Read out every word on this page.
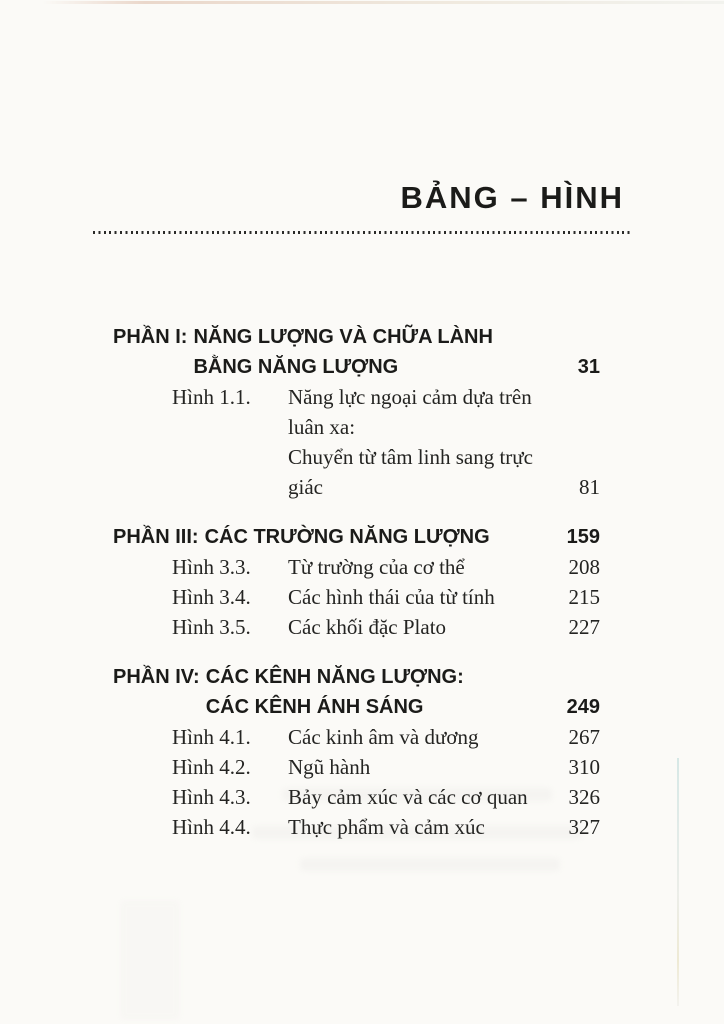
BẢNG – HÌNH
PHẦN I: NĂNG LƯỢNG VÀ CHỮA LÀNH
BẰNG NĂNG LƯỢNG	31
Hình 1.1.	Năng lực ngoại cảm dựa trên luân xa:
Chuyển từ tâm linh sang trực giác	81
PHẦN III: CÁC TRƯỜNG NĂNG LƯỢNG	159
Hình 3.3.	Từ trường của cơ thể	208
Hình 3.4.	Các hình thái của từ tính	215
Hình 3.5.	Các khối đặc Plato	227
PHẦN IV: CÁC KÊNH NĂNG LƯỢNG:
CÁC KÊNH ÁNH SÁNG	249
Hình 4.1.	Các kinh âm và dương	267
Hình 4.2.	Ngũ hành	310
Hình 4.3.	Bảy cảm xúc và các cơ quan	326
Hình 4.4.	Thực phẩm và cảm xúc	327
